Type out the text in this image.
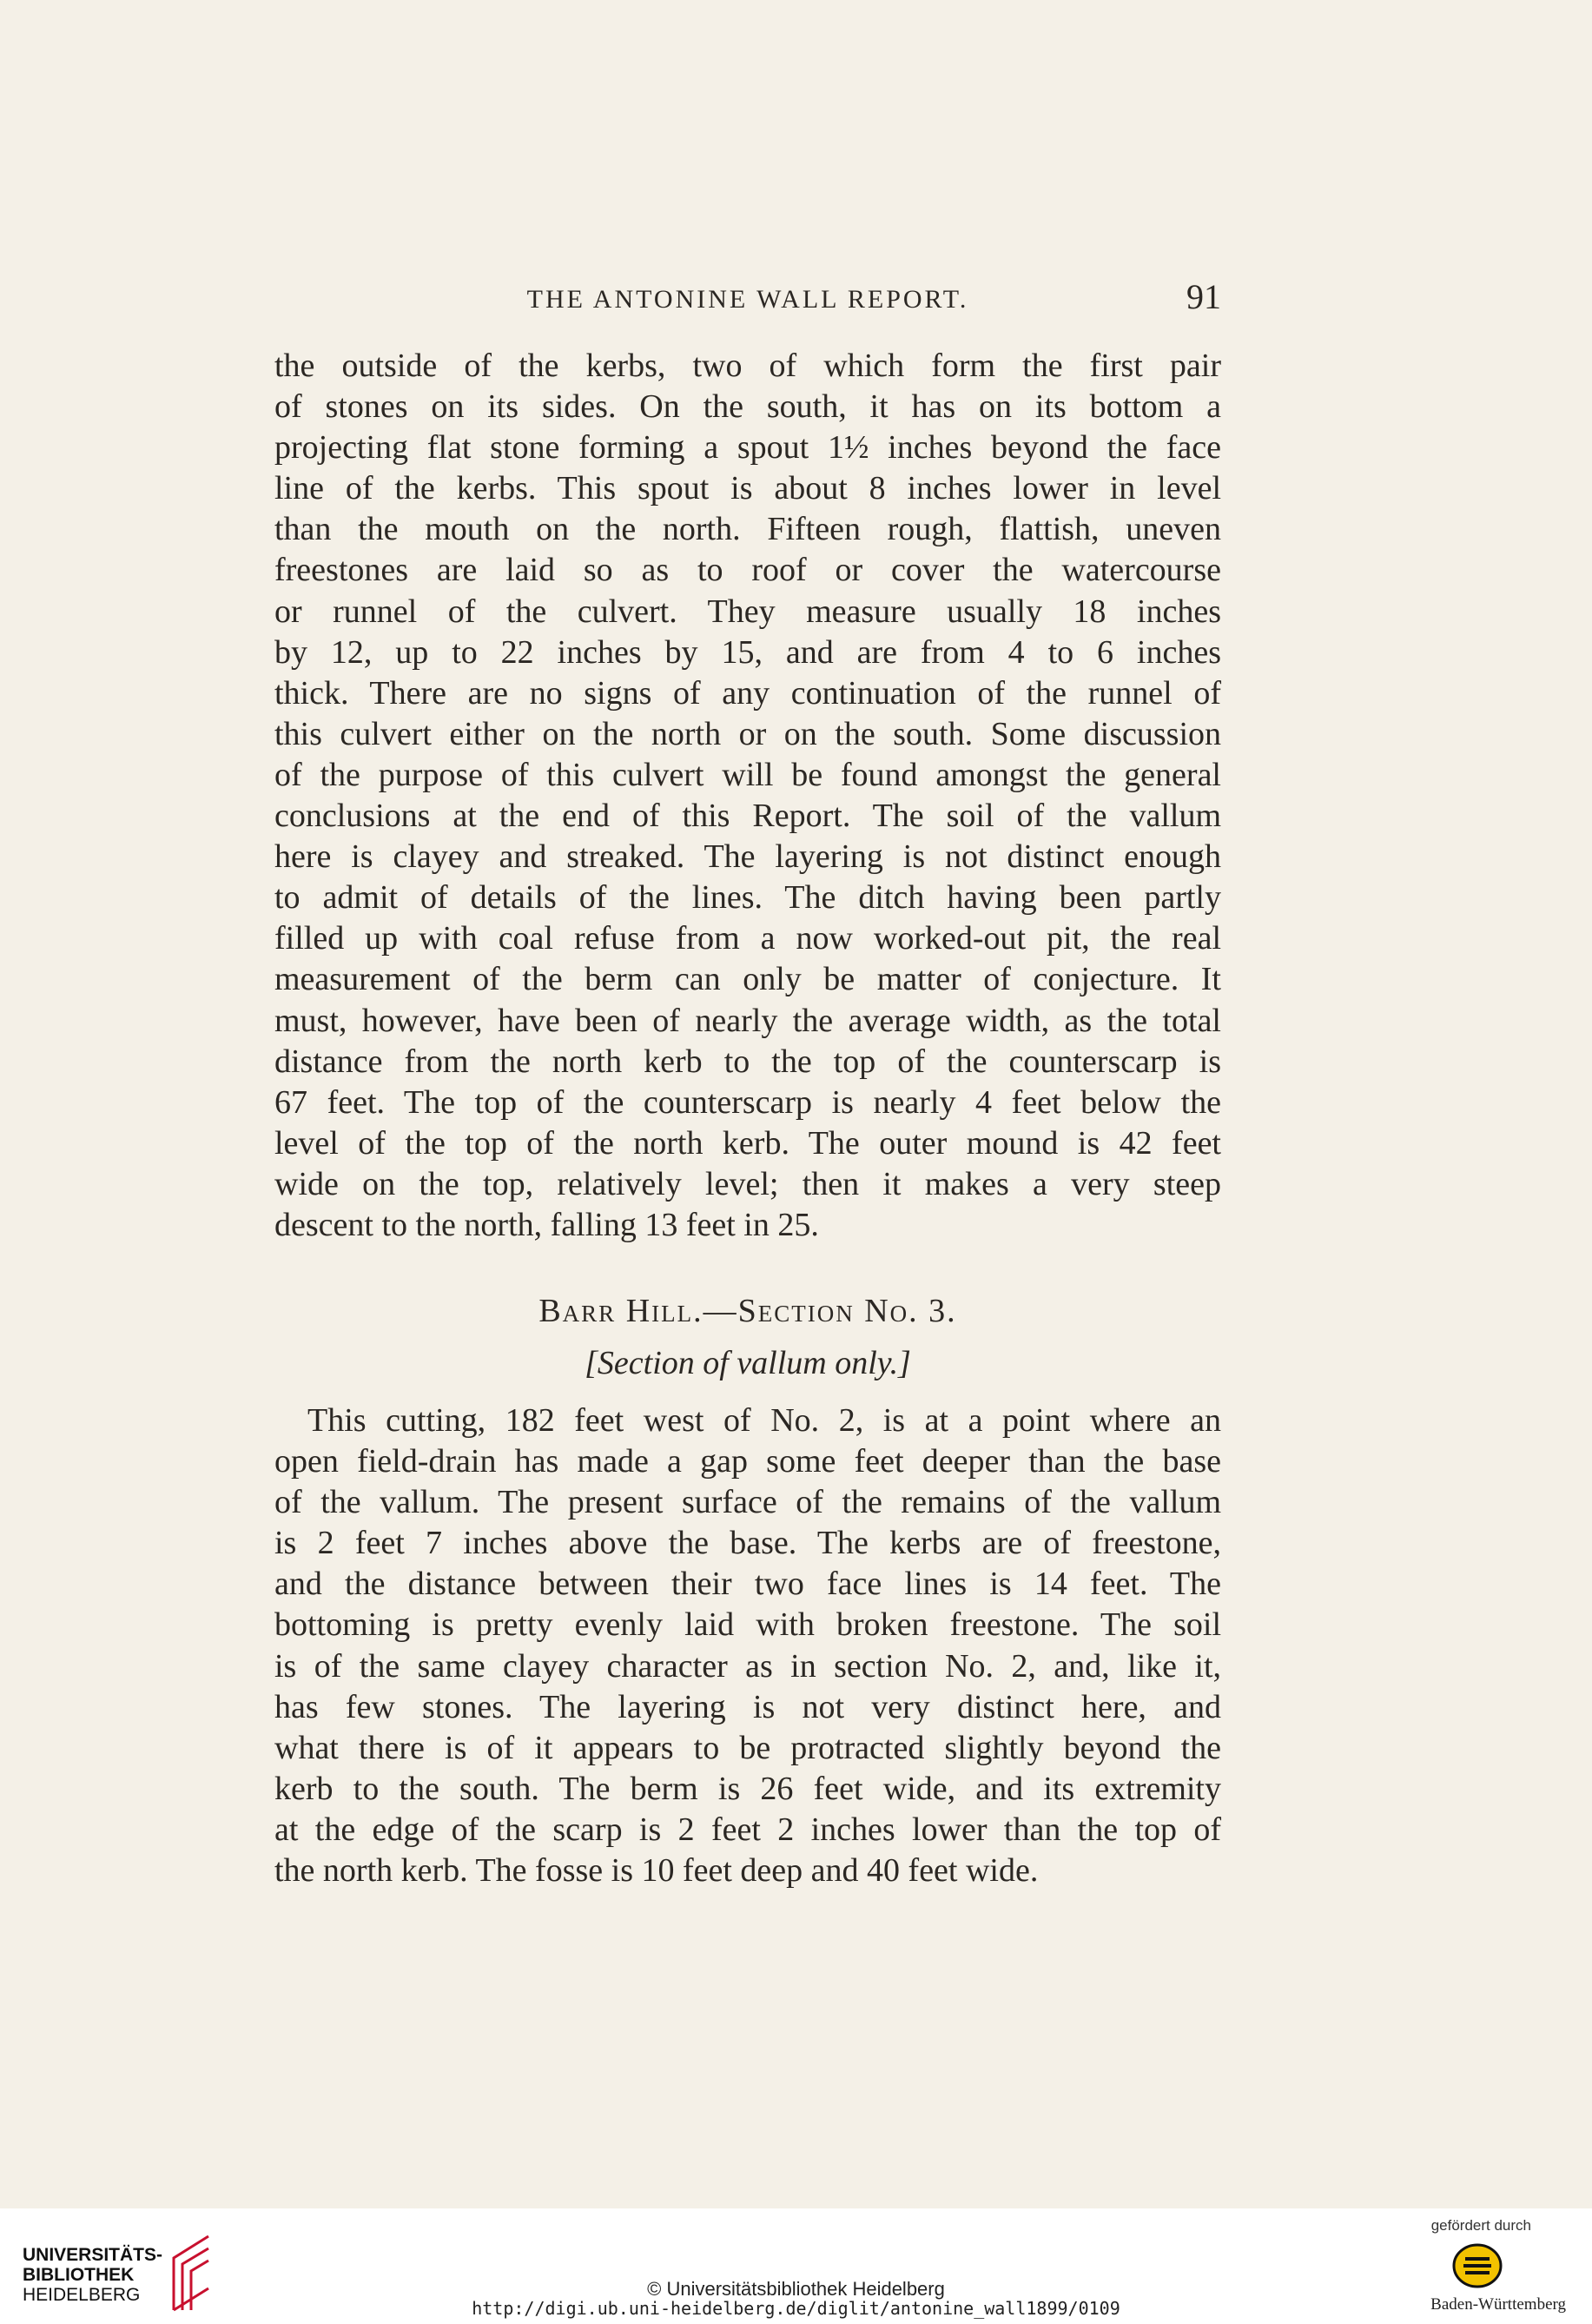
THE ANTONINE WALL REPORT.	91
the outside of the kerbs, two of which form the first pair
of stones on its sides. On the south, it has on its bottom a
projecting flat stone forming a spout 1½ inches beyond the face
line of the kerbs. This spout is about 8 inches lower in level
than the mouth on the north. Fifteen rough, flattish, uneven
freestones are laid so as to roof or cover the watercourse
or runnel of the culvert. They measure usually 18 inches
by 12, up to 22 inches by 15, and are from 4 to 6 inches
thick. There are no signs of any continuation of the runnel of
this culvert either on the north or on the south. Some discussion
of the purpose of this culvert will be found amongst the general
conclusions at the end of this Report. The soil of the vallum
here is clayey and streaked. The layering is not distinct enough
to admit of details of the lines. The ditch having been partly
filled up with coal refuse from a now worked-out pit, the real
measurement of the berm can only be matter of conjecture. It
must, however, have been of nearly the average width, as the total
distance from the north kerb to the top of the counterscarp is
67 feet. The top of the counterscarp is nearly 4 feet below the
level of the top of the north kerb. The outer mound is 42 feet
wide on the top, relatively level; then it makes a very steep
descent to the north, falling 13 feet in 25.
Barr Hill.—Section No. 3.
[Section of vallum only.]
This cutting, 182 feet west of No. 2, is at a point where an
open field-drain has made a gap some feet deeper than the base
of the vallum. The present surface of the remains of the vallum
is 2 feet 7 inches above the base. The kerbs are of freestone,
and the distance between their two face lines is 14 feet. The
bottoming is pretty evenly laid with broken freestone. The soil
is of the same clayey character as in section No. 2, and, like it,
has few stones. The layering is not very distinct here, and
what there is of it appears to be protracted slightly beyond the
kerb to the south. The berm is 26 feet wide, and its extremity
at the edge of the scarp is 2 feet 2 inches lower than the top of
the north kerb. The fosse is 10 feet deep and 40 feet wide.
UNIVERSITÄTS-
BIBLIOTHEK
HEIDELBERG	© Universitätsbibliothek Heidelberg
http://digi.ub.uni-heidelberg.de/diglit/antonine_wall1899/0109
gefördert durch
Baden-Württemberg
